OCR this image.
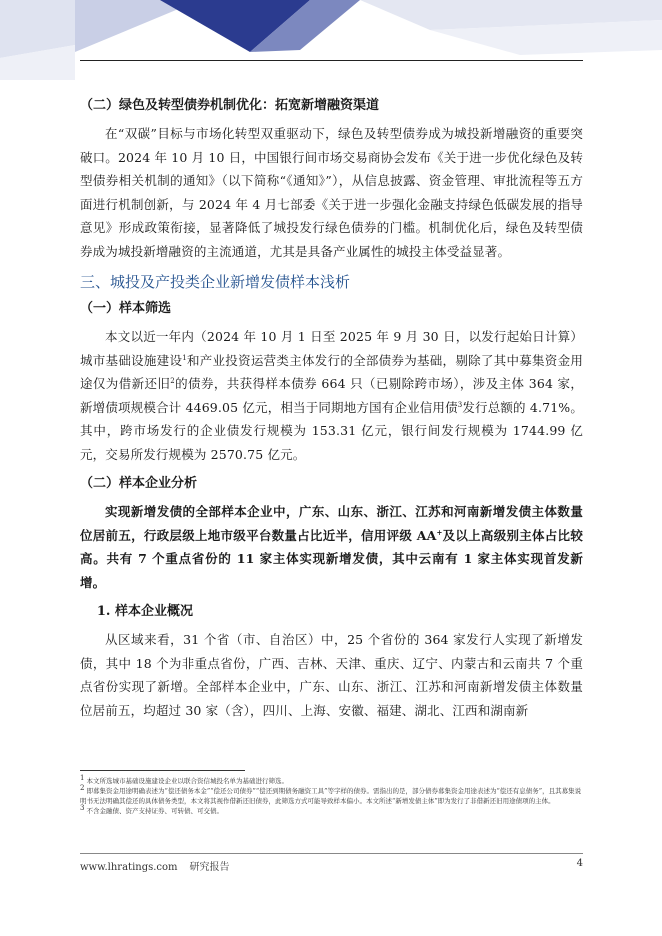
（二）绿色及转型债券机制优化：拓宽新增融资渠道

在“双碳”目标与市场化转型双重驱动下，绿色及转型债券成为城投新增融资的重要突破口。2024 年 10 月 10 日，中国银行间市场交易商协会发布《关于进一步优化绿色及转型债券相关机制的通知》（以下简称“《通知》”），从信息披露、资金管理、审批流程等五方面进行机制创新，与 2024 年 4 月七部委《关于进一步强化金融支持绿色低碳发展的指导意见》形成政策衔接，显著降低了城投发行绿色债券的门槛。机制优化后，绿色及转型债券成为城投新增融资的主流通道，尤其是具备产业属性的城投主体受益显著。

三、城投及产投类企业新增发债样本浅析
（一）样本筛选

本文以近一年内（2024 年 10 月 1 日至 2025 年 9 月 30 日，以发行起始日计算）城市基础设施建设$^1$和产业投资运营类主体发行的全部债券为基础，剔除了其中募集资金用途仅为借新还旧$^2$的债券，共获得样本债券 664 只（已剔除跨市场），涉及主体 364 家，新增债项规模合计 4469.05 亿元，相当于同期地方国有企业信用债$^3$发行总额的 4.71%。其中，跨市场发行的企业债发行规模为 153.31 亿元，银行间发行规模为 1744.99 亿元，交易所发行规模为 2570.75 亿元。

（二）样本企业分析

实现新增发债的全部样本企业中，广东、山东、浙江、江苏和河南新增发债主体数量位居前五，行政层级上地市级平台数量占比近半，信用评级 AA+及以上高级别主体占比较高。共有 7 个重点省份的 11 家主体实现新增发债，其中云南有 1 家主体实现首发新增。

1. 样本企业概况

从区域来看，31 个省（市、自治区）中，25 个省份的 364 家发行人实现了新增发债，其中 18 个为非重点省份，广西、吉林、天津、重庆、辽宁、内蒙古和云南共 7 个重点省份实现了新增。全部样本企业中，广东、山东、浙江、江苏和河南新增发债主体数量位居前五，均超过 30 家（含），四川、上海、安徽、福建、湖北、江西和湖南新

$^1$ 本文所选城市基础设施建设企业以联合资信城投名单为基础进行筛选。

$^2$ 即募集资金用途明确表述为“偿还债务本金”“偿还公司债券”“偿还到期债务融资工具”等字样的债券。需指出的是，部分债券募集资金用途表述为“偿还有息债务”，且其募集说明书无法明确其偿还的具体债务类型，本文将其视作借新还旧债券，此筛选方式可能导致样本偏小。本文所述“新增发债主体”即为发行了非借新还旧用途债项的主体。

$^3$ 不含金融债、资产支持证券、可转债、可交债。

www.lhratings.com 研究报告	4
